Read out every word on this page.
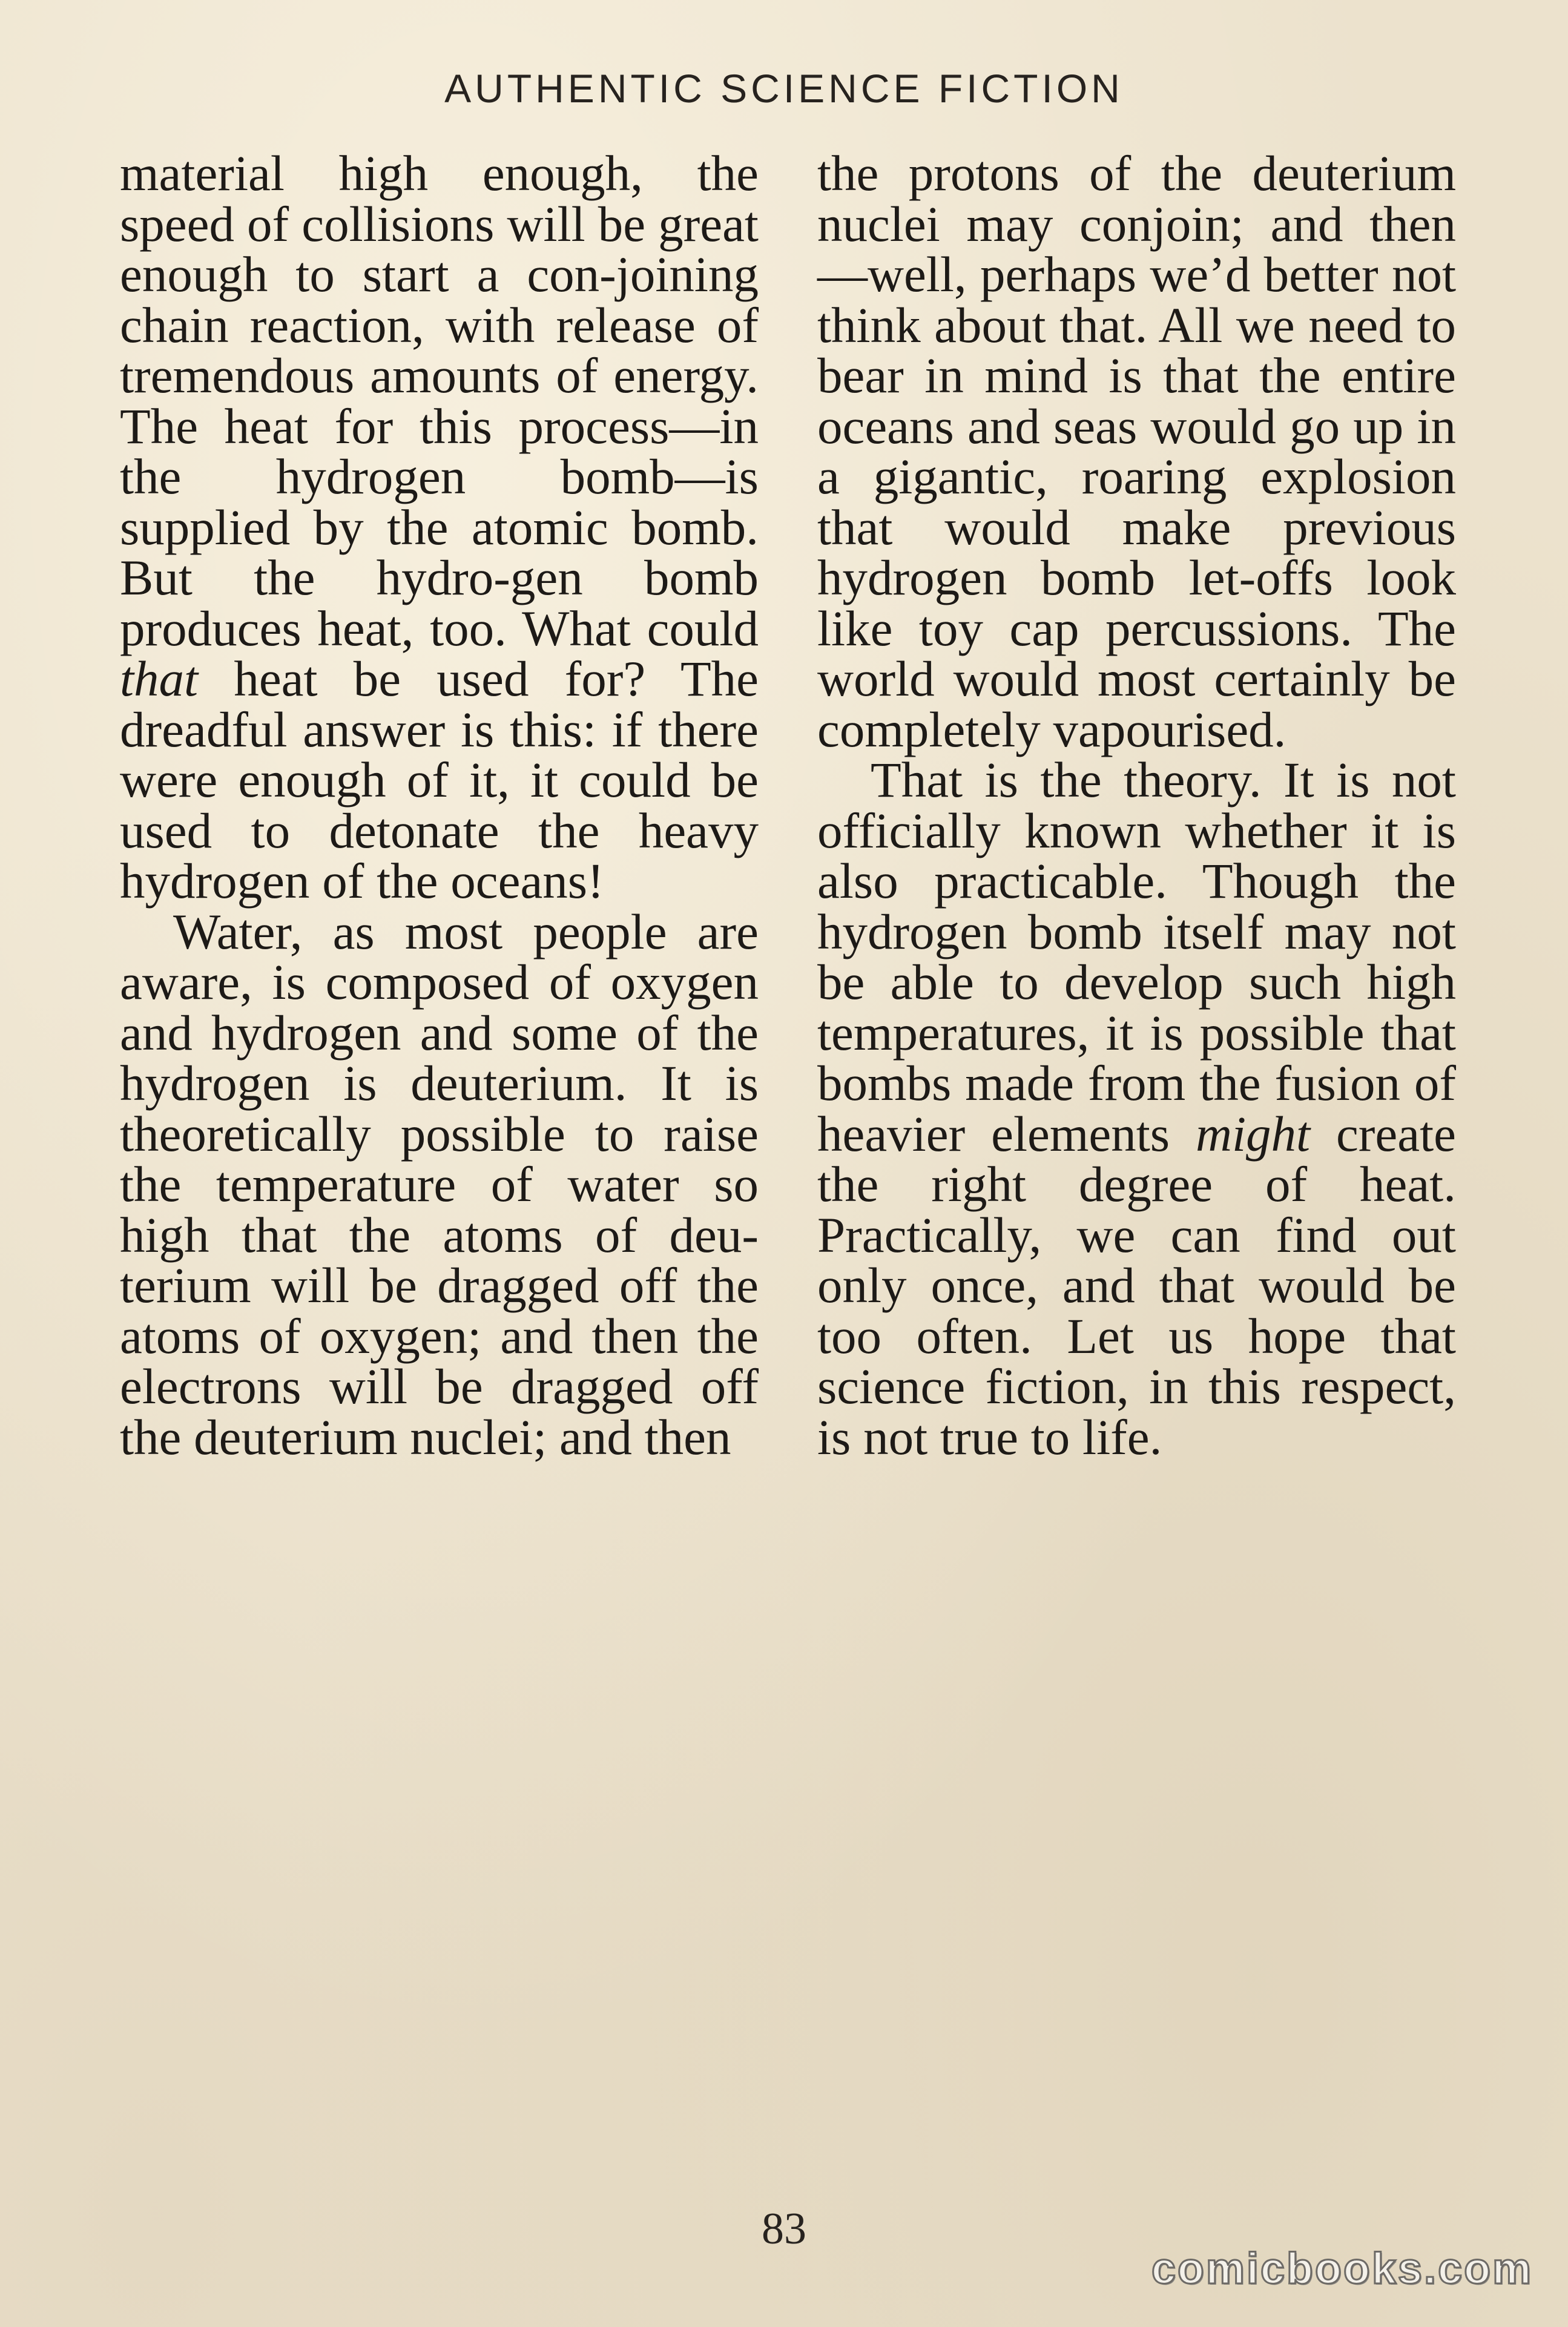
AUTHENTIC SCIENCE FICTION

material high enough, the speed of collisions will be great enough to start a con-joining chain reaction, with release of tremendous amounts of energy. The heat for this process—in the hydrogen bomb—is supplied by the atomic bomb. But the hydro-gen bomb produces heat, too. What could that heat be used for? The dreadful answer is this: if there were enough of it, it could be used to detonate the heavy hydrogen of the oceans!

Water, as most people are aware, is composed of oxygen and hydrogen and some of the hydrogen is deuterium. It is theoretically possible to raise the temperature of water so high that the atoms of deu-terium will be dragged off the atoms of oxygen; and then the electrons will be dragged off the deuterium nuclei; and then

the protons of the deuterium nuclei may conjoin; and then —well, perhaps we’d better not think about that. All we need to bear in mind is that the entire oceans and seas would go up in a gigantic, roaring explosion that would make previous hydrogen bomb let-offs look like toy cap percussions. The world would most certainly be completely vapourised.

That is the theory. It is not officially known whether it is also practicable. Though the hydrogen bomb itself may not be able to develop such high temperatures, it is possible that bombs made from the fusion of heavier elements might create the right degree of heat. Practically, we can find out only once, and that would be too often. Let us hope that science fiction, in this respect, is not true to life.

83
comicbooks.com
